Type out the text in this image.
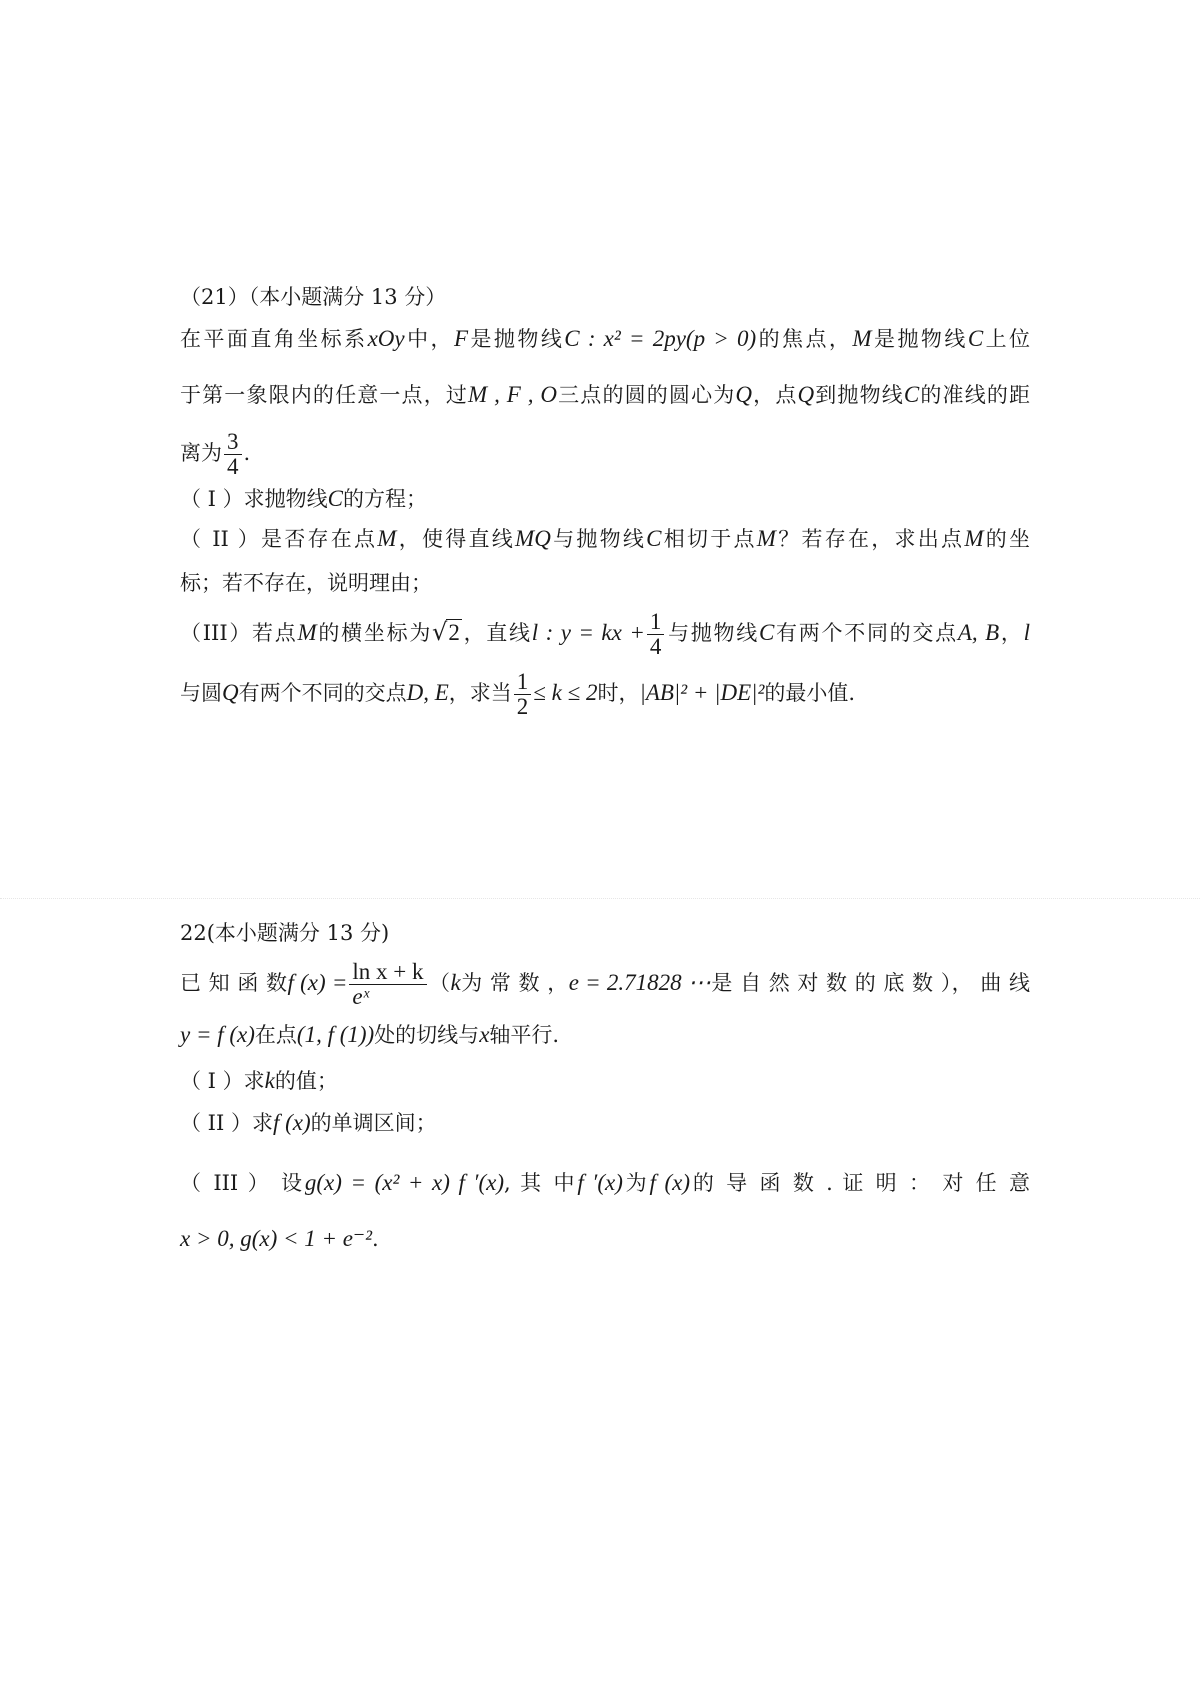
（21）（本小题满分 13 分）
在平面直角坐标系xOy中，F是抛物线C : x² = 2py(p > 0)的焦点，M是抛物线C上位
于第一象限内的任意一点，过M , F , O三点的圆的圆心为Q，点Q到抛物线C的准线的距
离为 $\frac{3}{4}$ .
（ I ）求抛物线C的方程；
（ II ）是否存在点M，使得直线MQ与抛物线C相切于点M？若存在，求出点M的坐
标；若不存在，说明理由；
（III）若点M的横坐标为√2，直线l : y = kx + $\frac{1}{4}$ 与抛物线C有两个不同的交点A, B，l
与圆Q有两个不同的交点D, E，求当 $\frac{1}{2} \le k \le 2$时，|AB|² + |DE|²的最小值.
22(本小题满分 13 分)
已 知 函 数f $(x) = \frac{\text{ln x + k}}{\text{eˣ}} (k$为 常 数 ，e = 2.71828 ⋯是 自 然 对 数 的 底 数 ）， 曲 线
y = f (x)在点(1, f (1))处的切线与x轴平行.
（ I ）求k的值；
（ II ）求f (x)的单调区间；
（ III ） 设g(x) = (x² + x) f ′(x), 其 中f ′(x)为f (x)的 导 函 数 . 证 明 ： 对 任 意
x > 0, g(x) < 1 + e⁻².
